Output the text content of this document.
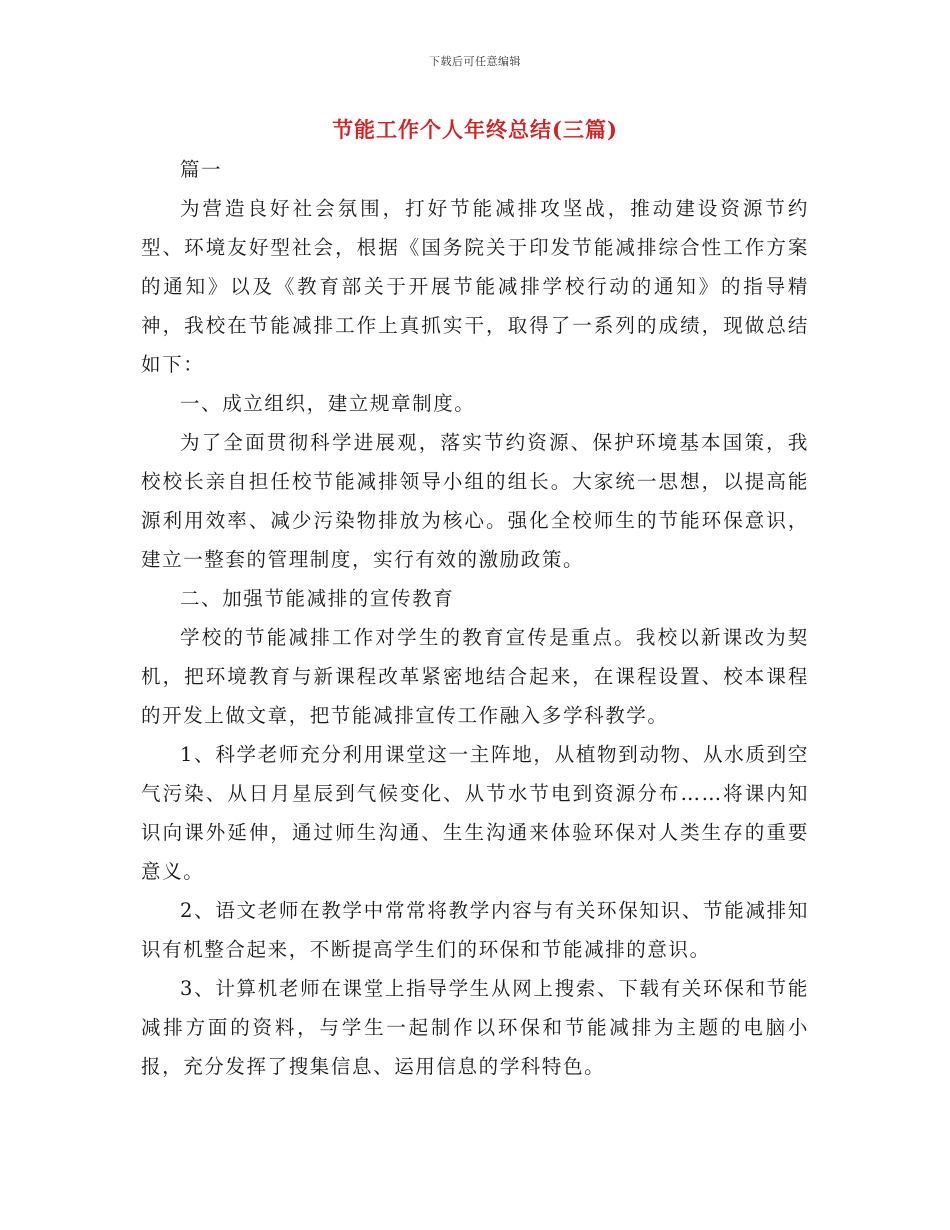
下载后可任意编辑
节能工作个人年终总结(三篇)

篇一

为营造良好社会氛围，打好节能减排攻坚战，推动建设资源节约型、环境友好型社会，根据《国务院关于印发节能减排综合性工作方案的通知》以及《教育部关于开展节能减排学校行动的通知》的指导精神，我校在节能减排工作上真抓实干，取得了一系列的成绩，现做总结如下：

一、成立组织，建立规章制度。

为了全面贯彻科学进展观，落实节约资源、保护环境基本国策，我校校长亲自担任校节能减排领导小组的组长。大家统一思想，以提高能源利用效率、减少污染物排放为核心。强化全校师生的节能环保意识，建立一整套的管理制度，实行有效的激励政策。

二、加强节能减排的宣传教育

学校的节能减排工作对学生的教育宣传是重点。我校以新课改为契机，把环境教育与新课程改革紧密地结合起来，在课程设置、校本课程的开发上做文章，把节能减排宣传工作融入多学科教学。

1、科学老师充分利用课堂这一主阵地，从植物到动物、从水质到空气污染、从日月星辰到气候变化、从节水节电到资源分布……将课内知识向课外延伸，通过师生沟通、生生沟通来体验环保对人类生存的重要意义。

2、语文老师在教学中常常将教学内容与有关环保知识、节能减排知识有机整合起来，不断提高学生们的环保和节能减排的意识。

3、计算机老师在课堂上指导学生从网上搜索、下载有关环保和节能减排方面的资料，与学生一起制作以环保和节能减排为主题的电脑小报，充分发挥了搜集信息、运用信息的学科特色。
